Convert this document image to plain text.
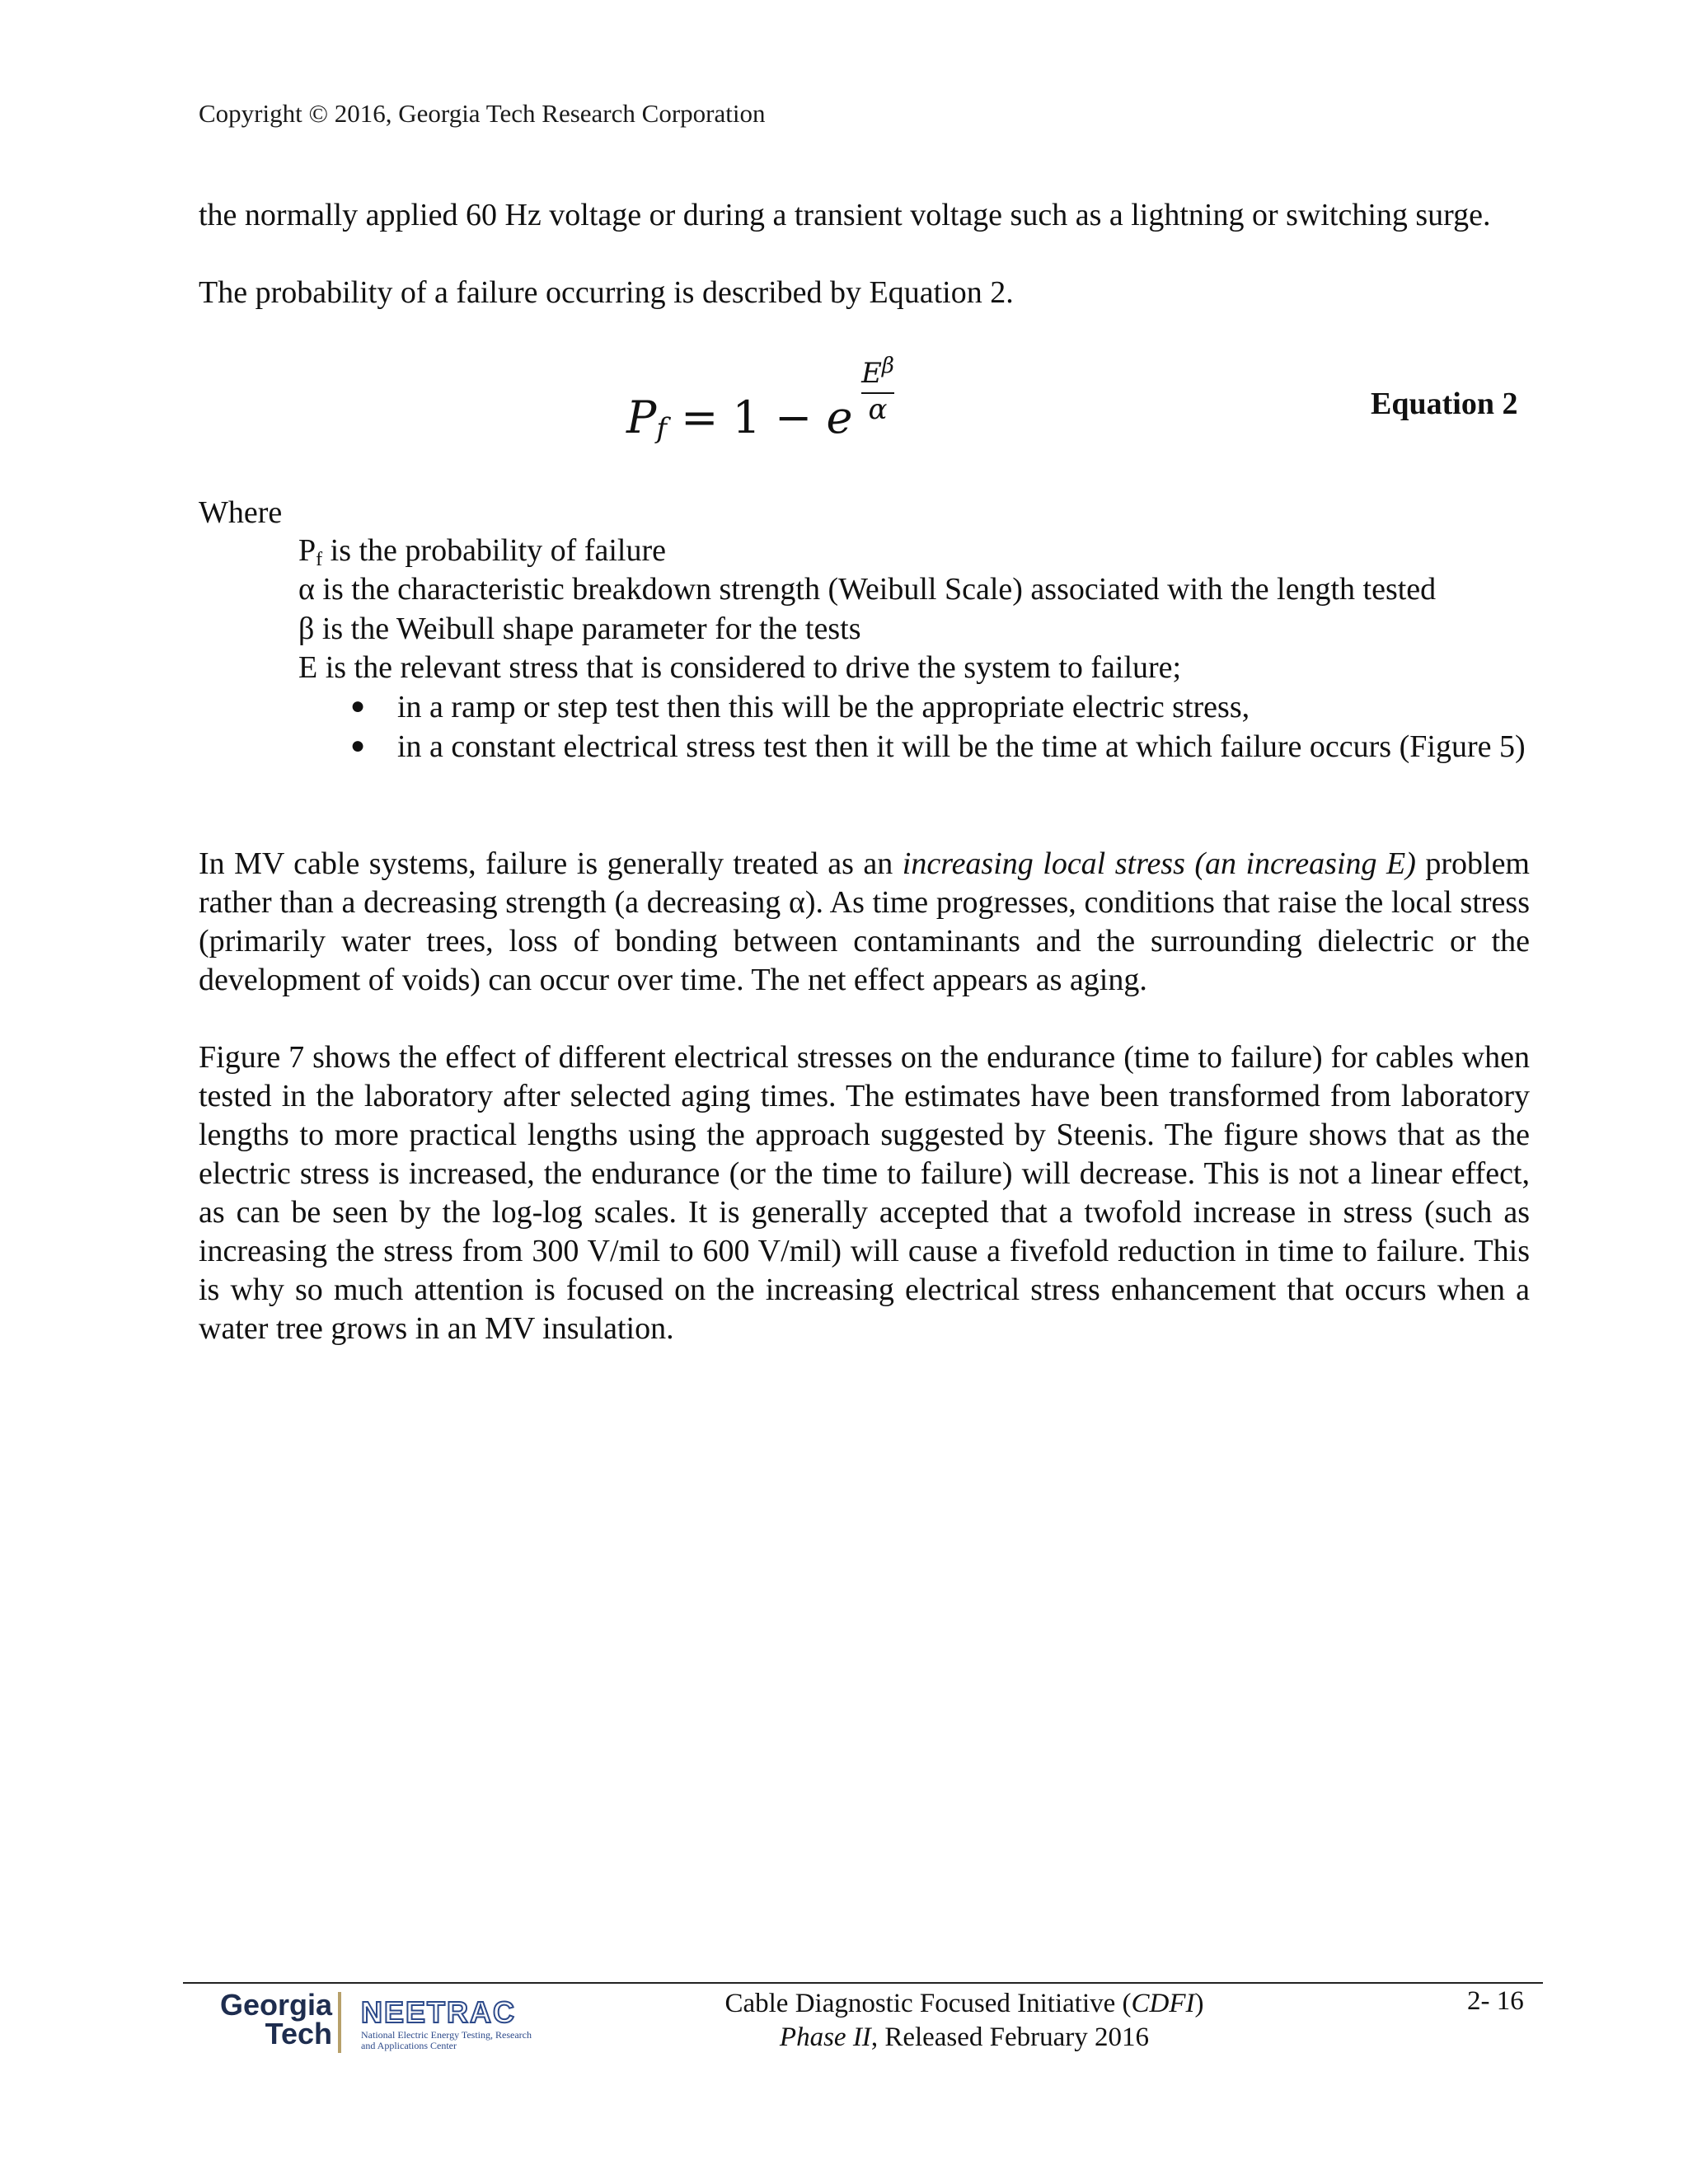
Copyright © 2016, Georgia Tech Research Corporation
the normally applied 60 Hz voltage or during a transient voltage such as a lightning or switching surge.
The probability of a failure occurring is described by Equation 2.
$P_f = 1 - e$
$E^\beta$
α	Equation 2
Where
$P_f$ is the probability of failure
α is the characteristic breakdown strength (Weibull Scale) associated with the length tested
β is the Weibull shape parameter for the tests
E is the relevant stress that is considered to drive the system to failure;
● in a ramp or step test then this will be the appropriate electric stress,
● in a constant electrical stress test then it will be the time at which failure occurs (Figure 5)
In MV cable systems, failure is generally treated as an increasing local stress (an increasing E) problem rather than a decreasing strength (a decreasing α). As time progresses, conditions that raise the local stress (primarily water trees, loss of bonding between contaminants and the surrounding dielectric or the development of voids) can occur over time. The net effect appears as aging.
Figure 7 shows the effect of different electrical stresses on the endurance (time to failure) for cables when tested in the laboratory after selected aging times. The estimates have been transformed from laboratory lengths to more practical lengths using the approach suggested by Steenis. The figure shows that as the electric stress is increased, the endurance (or the time to failure) will decrease. This is not a linear effect, as can be seen by the log-log scales. It is generally accepted that a twofold increase in stress (such as increasing the stress from 300 V/mil to 600 V/mil) will cause a fivefold reduction in time to failure. This is why so much attention is focused on the increasing electrical stress enhancement that occurs when a water tree grows in an MV insulation.
Georgia
Tech
NEETRAC
National Electric Energy Testing, Research
and Applications Center
Cable Diagnostic Focused Initiative (CDFI)
Phase II, Released February 2016
2- 16
